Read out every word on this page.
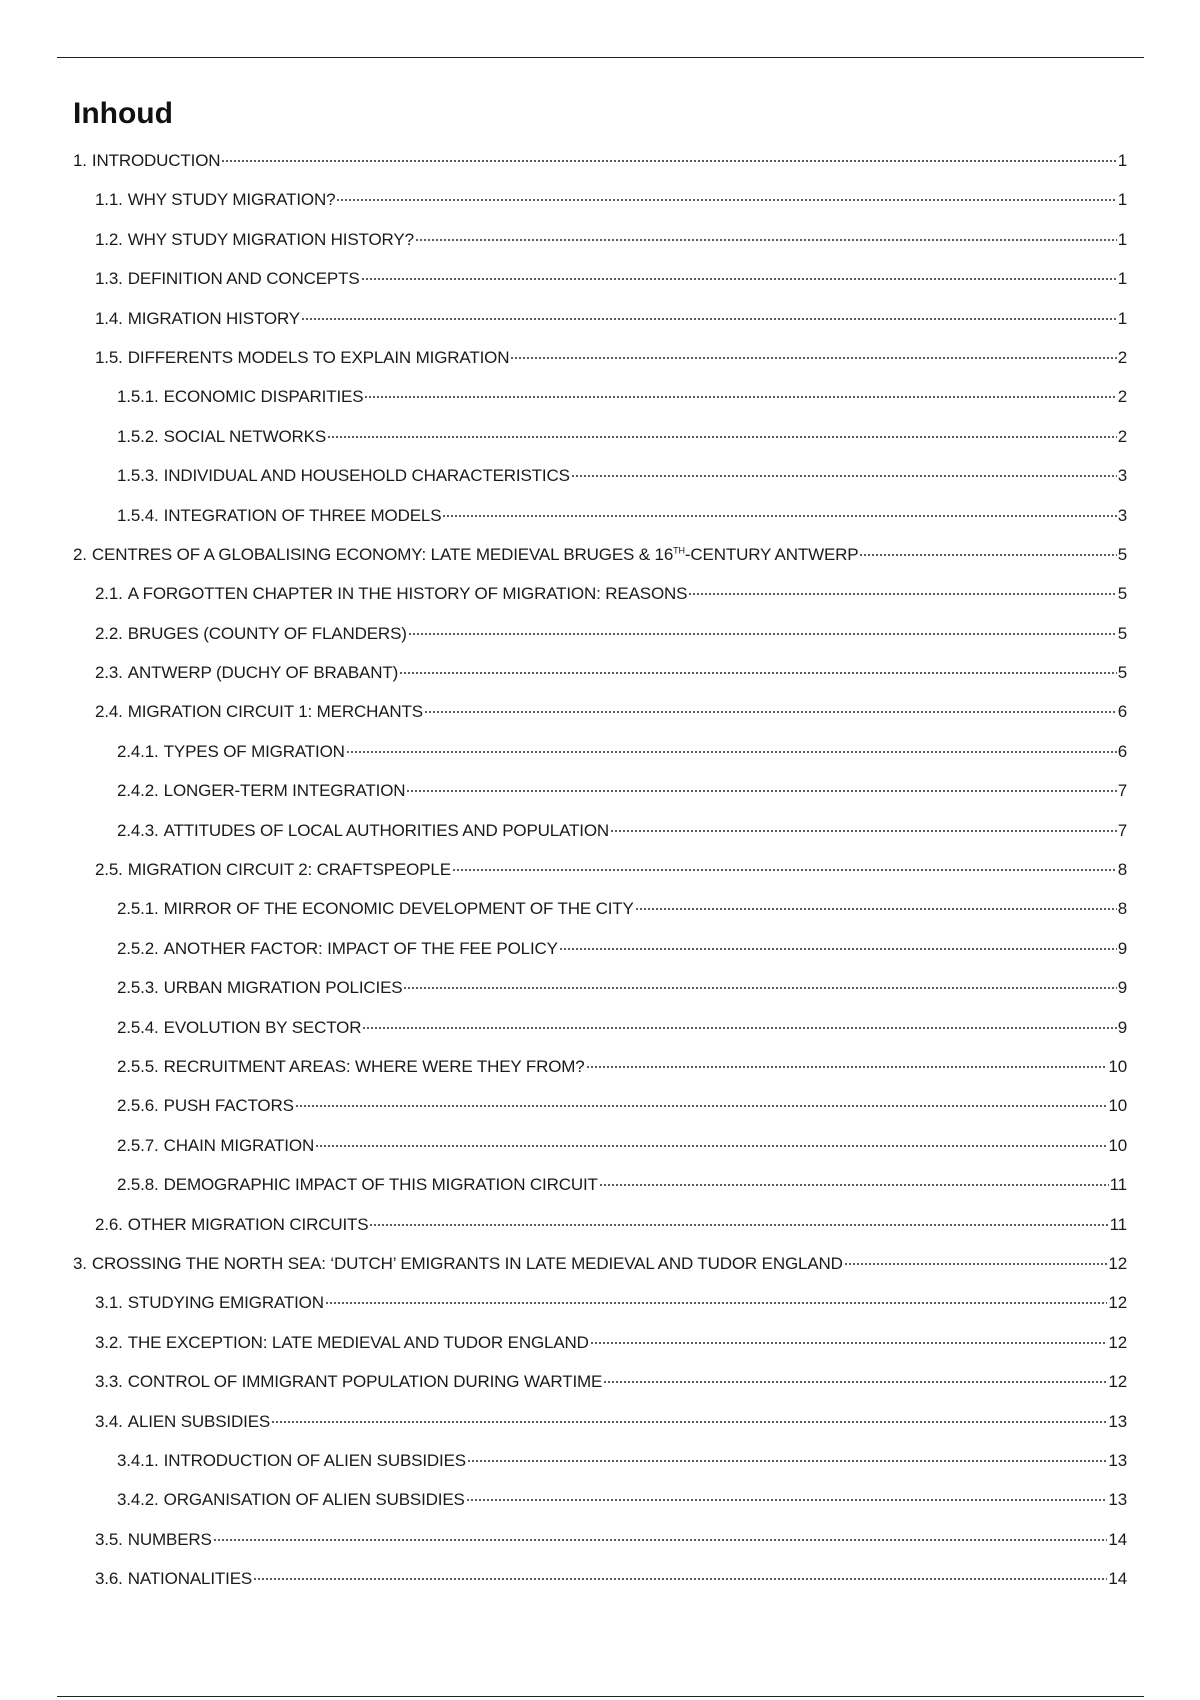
Inhoud
1. INTRODUCTION	1
1.1. WHY STUDY MIGRATION?	1
1.2. WHY STUDY MIGRATION HISTORY?	1
1.3. DEFINITION AND CONCEPTS	1
1.4. MIGRATION HISTORY	1
1.5. DIFFERENTS MODELS TO EXPLAIN MIGRATION	2
1.5.1. ECONOMIC DISPARITIES	2
1.5.2. SOCIAL NETWORKS	2
1.5.3. INDIVIDUAL AND HOUSEHOLD CHARACTERISTICS	3
1.5.4. INTEGRATION OF THREE MODELS	3
2. CENTRES OF A GLOBALISING ECONOMY: LATE MEDIEVAL BRUGES & 16TH-CENTURY ANTWERP	5
2.1. A FORGOTTEN CHAPTER IN THE HISTORY OF MIGRATION: REASONS	5
2.2. BRUGES (COUNTY OF FLANDERS)	5
2.3. ANTWERP (DUCHY OF BRABANT)	5
2.4. MIGRATION CIRCUIT 1: MERCHANTS	6
2.4.1. TYPES OF MIGRATION	6
2.4.2. LONGER-TERM INTEGRATION	7
2.4.3. ATTITUDES OF LOCAL AUTHORITIES AND POPULATION	7
2.5. MIGRATION CIRCUIT 2: CRAFTSPEOPLE	8
2.5.1. MIRROR OF THE ECONOMIC DEVELOPMENT OF THE CITY	8
2.5.2. ANOTHER FACTOR: IMPACT OF THE FEE POLICY	9
2.5.3. URBAN MIGRATION POLICIES	9
2.5.4. EVOLUTION BY SECTOR	9
2.5.5. RECRUITMENT AREAS: WHERE WERE THEY FROM?	10
2.5.6. PUSH FACTORS	10
2.5.7. CHAIN MIGRATION	10
2.5.8. DEMOGRAPHIC IMPACT OF THIS MIGRATION CIRCUIT	11
2.6. OTHER MIGRATION CIRCUITS	11
3. CROSSING THE NORTH SEA: ‘DUTCH’ EMIGRANTS IN LATE MEDIEVAL AND TUDOR ENGLAND	12
3.1. STUDYING EMIGRATION	12
3.2. THE EXCEPTION: LATE MEDIEVAL AND TUDOR ENGLAND	12
3.3. CONTROL OF IMMIGRANT POPULATION DURING WARTIME	12
3.4. ALIEN SUBSIDIES	13
3.4.1. INTRODUCTION OF ALIEN SUBSIDIES	13
3.4.2. ORGANISATION OF ALIEN SUBSIDIES	13
3.5. NUMBERS	14
3.6. NATIONALITIES	14
